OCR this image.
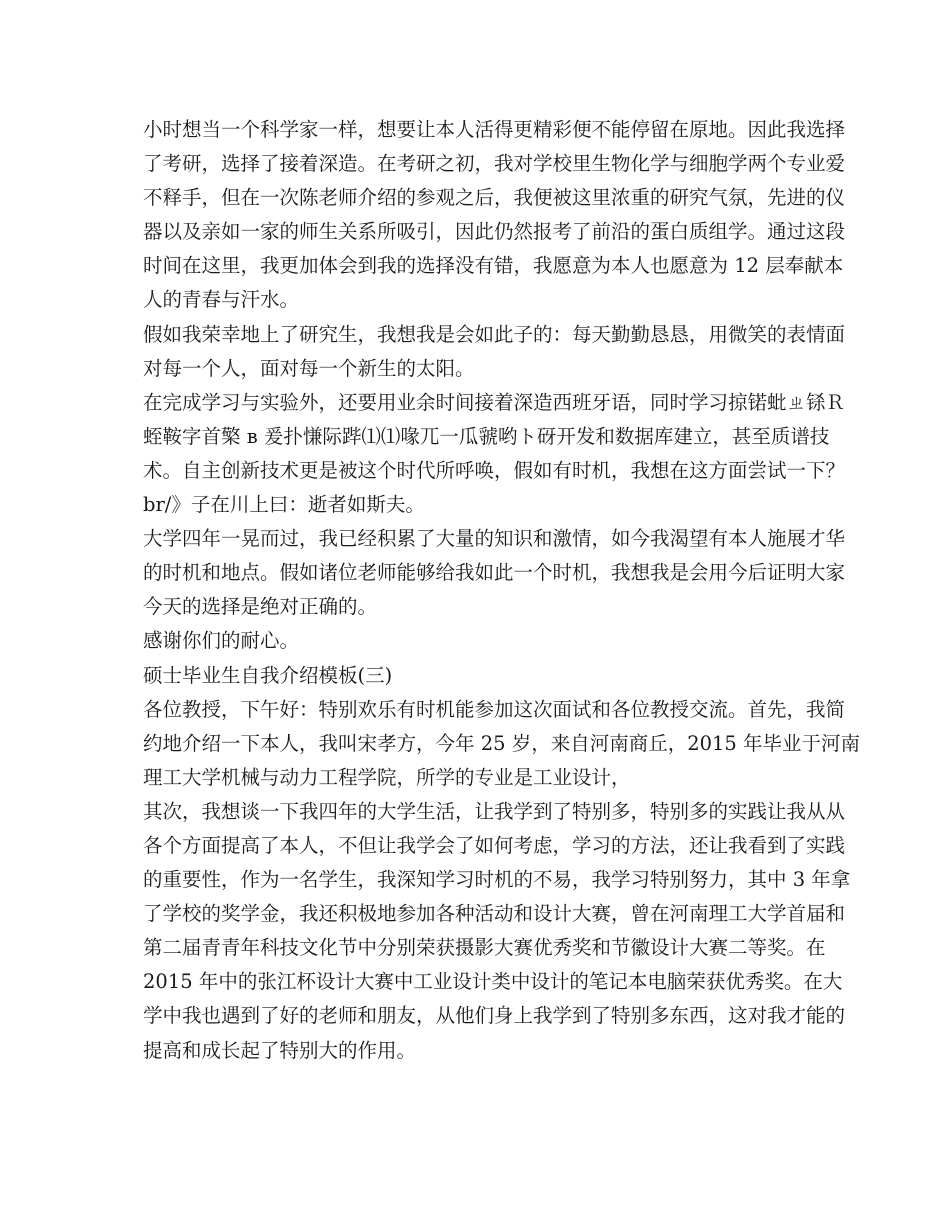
小时想当一个科学家一样，想要让本人活得更精彩便不能停留在原地。因此我选择
了考研，选择了接着深造。在考研之初，我对学校里生物化学与细胞学两个专业爱
不释手，但在一次陈老师介绍的参观之后，我便被这里浓重的研究气氛，先进的仪
器以及亲如一家的师生关系所吸引，因此仍然报考了前沿的蛋白质组学。通过这段
时间在这里，我更加体会到我的选择没有错，我愿意为本人也愿意为 12 层奉献本
人的青春与汗水。
假如我荣幸地上了研究生，我想我是会如此子的：每天勤勤恳恳，用微笑的表情面
对每一个人，面对每一个新生的太阳。
在完成学习与实验外，还要用业余时间接着深造西班牙语，同时学习掠锘蚍ㄓ铩Ｒ
蛭鞍字首檠 в 爰扑慊际跸⑴⑴喙兀一瓜虢哟ト砑开发和数据库建立，甚至质谱技
术。自主创新技术更是被这个时代所呼唤，假如有时机，我想在这方面尝试一下？
br/》子在川上曰：逝者如斯夫。
大学四年一晃而过，我已经积累了大量的知识和激情，如今我渴望有本人施展才华
的时机和地点。假如诸位老师能够给我如此一个时机，我想我是会用今后证明大家
今天的选择是绝对正确的。
感谢你们的耐心。
硕士毕业生自我介绍模板(三)
各位教授，下午好：特别欢乐有时机能参加这次面试和各位教授交流。首先，我简
约地介绍一下本人，我叫宋孝方，今年 25 岁，来自河南商丘，2015 年毕业于河南
理工大学机械与动力工程学院，所学的专业是工业设计，
其次，我想谈一下我四年的大学生活，让我学到了特别多，特别多的实践让我从从
各个方面提高了本人，不但让我学会了如何考虑，学习的方法，还让我看到了实践
的重要性，作为一名学生，我深知学习时机的不易，我学习特别努力，其中 3 年拿
了学校的奖学金，我还积极地参加各种活动和设计大赛，曾在河南理工大学首届和
第二届青青年科技文化节中分别荣获摄影大赛优秀奖和节徽设计大赛二等奖。在
2015 年中的张江杯设计大赛中工业设计类中设计的笔记本电脑荣获优秀奖。在大
学中我也遇到了好的老师和朋友，从他们身上我学到了特别多东西，这对我才能的
提高和成长起了特别大的作用。
